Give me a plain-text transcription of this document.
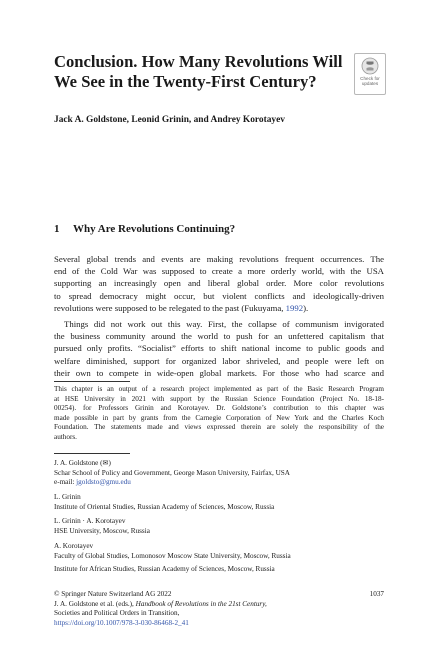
Conclusion. How Many Revolutions Will
We See in the Twenty-First Century?	Check for
updates

Jack A. Goldstone, Leonid Grinin, and Andrey Korotayev

1 Why Are Revolutions Continuing?
Several global trends and events are making revolutions frequent occurrences. The
end of the Cold War was supposed to create a more orderly world, with the USA
supporting an increasingly open and liberal global order. More color revolutions
to spread democracy might occur, but violent conflicts and ideologically-driven
revolutions were supposed to be relegated to the past (Fukuyama, 1992).
Things did not work out this way. First, the collapse of communism invigorated
the business community around the world to push for an unfettered capitalism that
pursued only profits. “Socialist” efforts to shift national income to public goods and
welfare diminished, support for organized labor shriveled, and people were left on
their own to compete in wide-open global markets. For those who had scarce and
This chapter is an output of a research project implemented as part of the Basic Research Program
at HSE University in 2021 with support by the Russian Science Foundation (Project No. 18-18-
00254). for Professors Grinin and Korotayev. Dr. Goldstone’s contribution to this chapter was
made possible in part by grants from the Carnegie Corporation of New York and the Charles Koch
Foundation. The statements made and views expressed therein are solely the responsibility of the
authors.
J. A. Goldstone (✉)
Schar School of Policy and Government, George Mason University, Fairfax, USA
e-mail: jgoldsto@gmu.edu
L. Grinin
Institute of Oriental Studies, Russian Academy of Sciences, Moscow, Russia
L. Grinin · A. Korotayev
HSE University, Moscow, Russia
A. Korotayev
Faculty of Global Studies, Lomonosov Moscow State University, Moscow, Russia
Institute for African Studies, Russian Academy of Sciences, Moscow, Russia
© Springer Nature Switzerland AG 2022
J. A. Goldstone et al. (eds.), Handbook of Revolutions in the 21st Century,
Societies and Political Orders in Transition,
https://doi.org/10.1007/978-3-030-86468-2_41
1037
